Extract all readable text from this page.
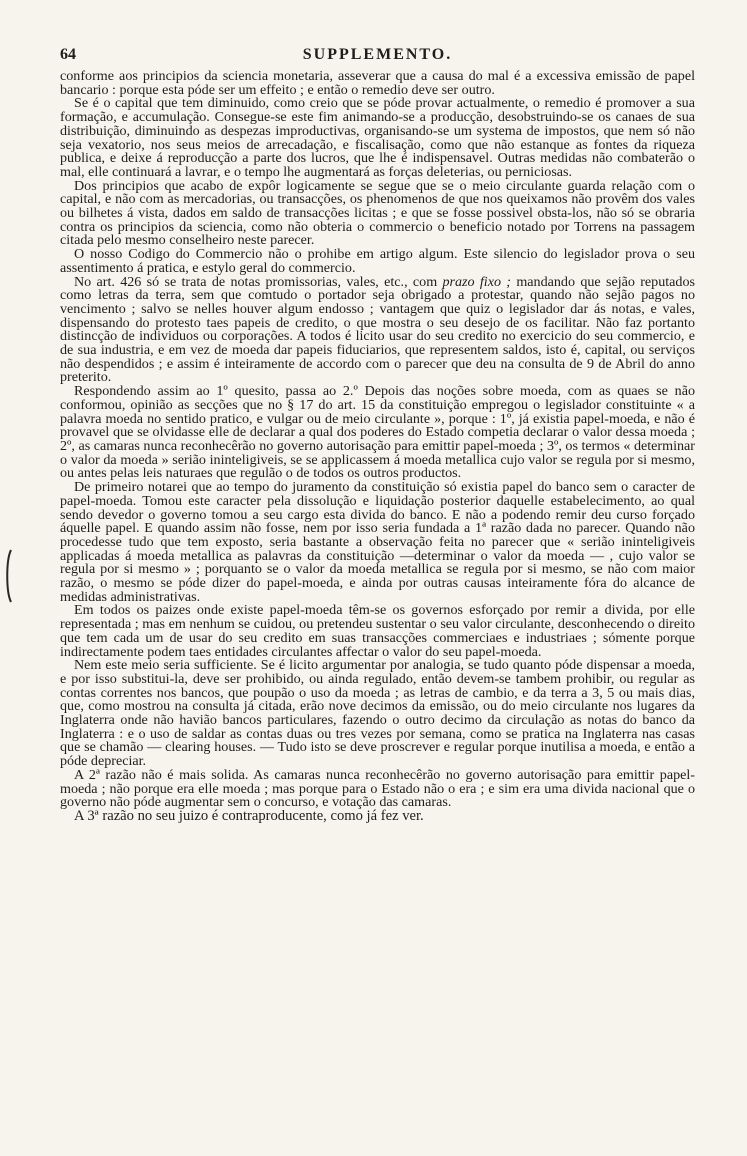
64	SUPPLEMENTO.

conforme aos principios da sciencia monetaria, asseverar que a causa do mal é a excessiva emissão de papel bancario : porque esta póde ser um effeito ; e então o remedio deve ser outro.

Se é o capital que tem diminuido, como creio que se póde provar actualmente, o remedio é promover a sua formação, e accumulação. Consegue-se este fim animando-se a producção, desobstruindo-se os canaes de sua distribuição, diminuindo as despezas improductivas, organisando-se um systema de impostos, que nem só não seja vexatorio, nos seus meios de arrecadação, e fiscalisação, como que não estanque as fontes da riqueza publica, e deixe á reproducção a parte dos lucros, que lhe é indispensavel. Outras medidas não combaterão o mal, elle continuará a lavrar, e o tempo lhe augmentará as forças deleterias, ou perniciosas.

Dos principios que acabo de expôr logicamente se segue que se o meio circulante guarda relação com o capital, e não com as mercadorias, ou transacções, os phenomenos de que nos queixamos não provêm dos vales ou bilhetes á vista, dados em saldo de transacções licitas ; e que se fosse possivel obsta-los, não só se obraria contra os principios da sciencia, como não obteria o commercio o beneficio notado por Torrens na passagem citada pelo mesmo conselheiro neste parecer.

O nosso Codigo do Commercio não o prohibe em artigo algum. Este silencio do legislador prova o seu assentimento á pratica, e estylo geral do commercio.

No art. 426 só se trata de notas promissorias, vales, etc., com prazo fixo ; mandando que sejão reputados como letras da terra, sem que comtudo o portador seja obrigado a protestar, quando não sejão pagos no vencimento ; salvo se nelles houver algum endosso ; vantagem que quiz o legislador dar ás notas, e vales, dispensando do protesto taes papeis de credito, o que mostra o seu desejo de os facilitar. Não faz portanto distincção de individuos ou corporações. A todos é licito usar do seu credito no exercicio do seu commercio, e de sua industria, e em vez de moeda dar papeis fiduciarios, que representem saldos, isto é, capital, ou serviços não despendidos ; e assim é inteiramente de accordo com o parecer que deu na consulta de 9 de Abril do anno preterito.

Respondendo assim ao 1º quesito, passa ao 2.º Depois das noções sobre moeda, com as quaes se não conformou, opinião as secções que no § 17 do art. 15 da constituição empregou o legislador constituinte « a palavra moeda no sentido pratico, e vulgar ou de meio circulante », porque : 1º, já existia papel-moeda, e não é provavel que se olvidasse elle de declarar a qual dos poderes do Estado competia declarar o valor dessa moeda ; 2º, as camaras nunca reconhecêrão no governo autorisação para emittir papel-moeda ; 3º, os termos « determinar o valor da moeda » serião ininteligiveis, se se applicassem á moeda metallica cujo valor se regula por si mesmo, ou antes pelas leis naturaes que regulão o de todos os outros productos.

De primeiro notarei que ao tempo do juramento da constituição só existia papel do banco sem o caracter de papel-moeda. Tomou este caracter pela dissolução e liquidação posterior daquelle estabelecimento, ao qual sendo devedor o governo tomou a seu cargo esta divida do banco. E não a podendo remir deu curso forçado áquelle papel. E quando assim não fosse, nem por isso seria fundada a 1ª razão dada no parecer. Quando não procedesse tudo que tem exposto, seria bastante a observação feita no parecer que « serião ininteligiveis applicadas á moeda metallica as palavras da constituição —determinar o valor da moeda — , cujo valor se regula por si mesmo » ; porquanto se o valor da moeda metallica se regula por si mesmo, se não com maior razão, o mesmo se póde dizer do papel-moeda, e ainda por outras causas inteiramente fóra do alcance de medidas administrativas.

Em todos os paizes onde existe papel-moeda têm-se os governos esforçado por remir a divida, por elle representada ; mas em nenhum se cuidou, ou pretendeu sustentar o seu valor circulante, desconhecendo o direito que tem cada um de usar do seu credito em suas transacções commerciaes e industriaes ; sómente porque indirectamente podem taes entidades circulantes affectar o valor do seu papel-moeda.

Nem este meio seria sufficiente. Se é licito argumentar por analogia, se tudo quanto póde dispensar a moeda, e por isso substitui-la, deve ser prohibido, ou ainda regulado, então devem-se tambem prohibir, ou regular as contas correntes nos bancos, que poupão o uso da moeda ; as letras de cambio, e da terra a 3, 5 ou mais dias, que, como mostrou na consulta já citada, erão nove decimos da emissão, ou do meio circulante nos lugares da Inglaterra onde não havião bancos particulares, fazendo o outro decimo da circulação as notas do banco da Inglaterra : e o uso de saldar as contas duas ou tres vezes por semana, como se pratica na Inglaterra nas casas que se chamão — clearing houses. — Tudo isto se deve proscrever e regular porque inutilisa a moeda, e então a póde depreciar.

A 2ª razão não é mais solida. As camaras nunca reconhecêrão no governo autorisação para emittir papel-moeda ; não porque era elle moeda ; mas porque para o Estado não o era ; e sim era uma divida nacional que o governo não póde augmentar sem o concurso, e votação das camaras.

A 3ª razão no seu juizo é contraproducente, como já fez ver.
